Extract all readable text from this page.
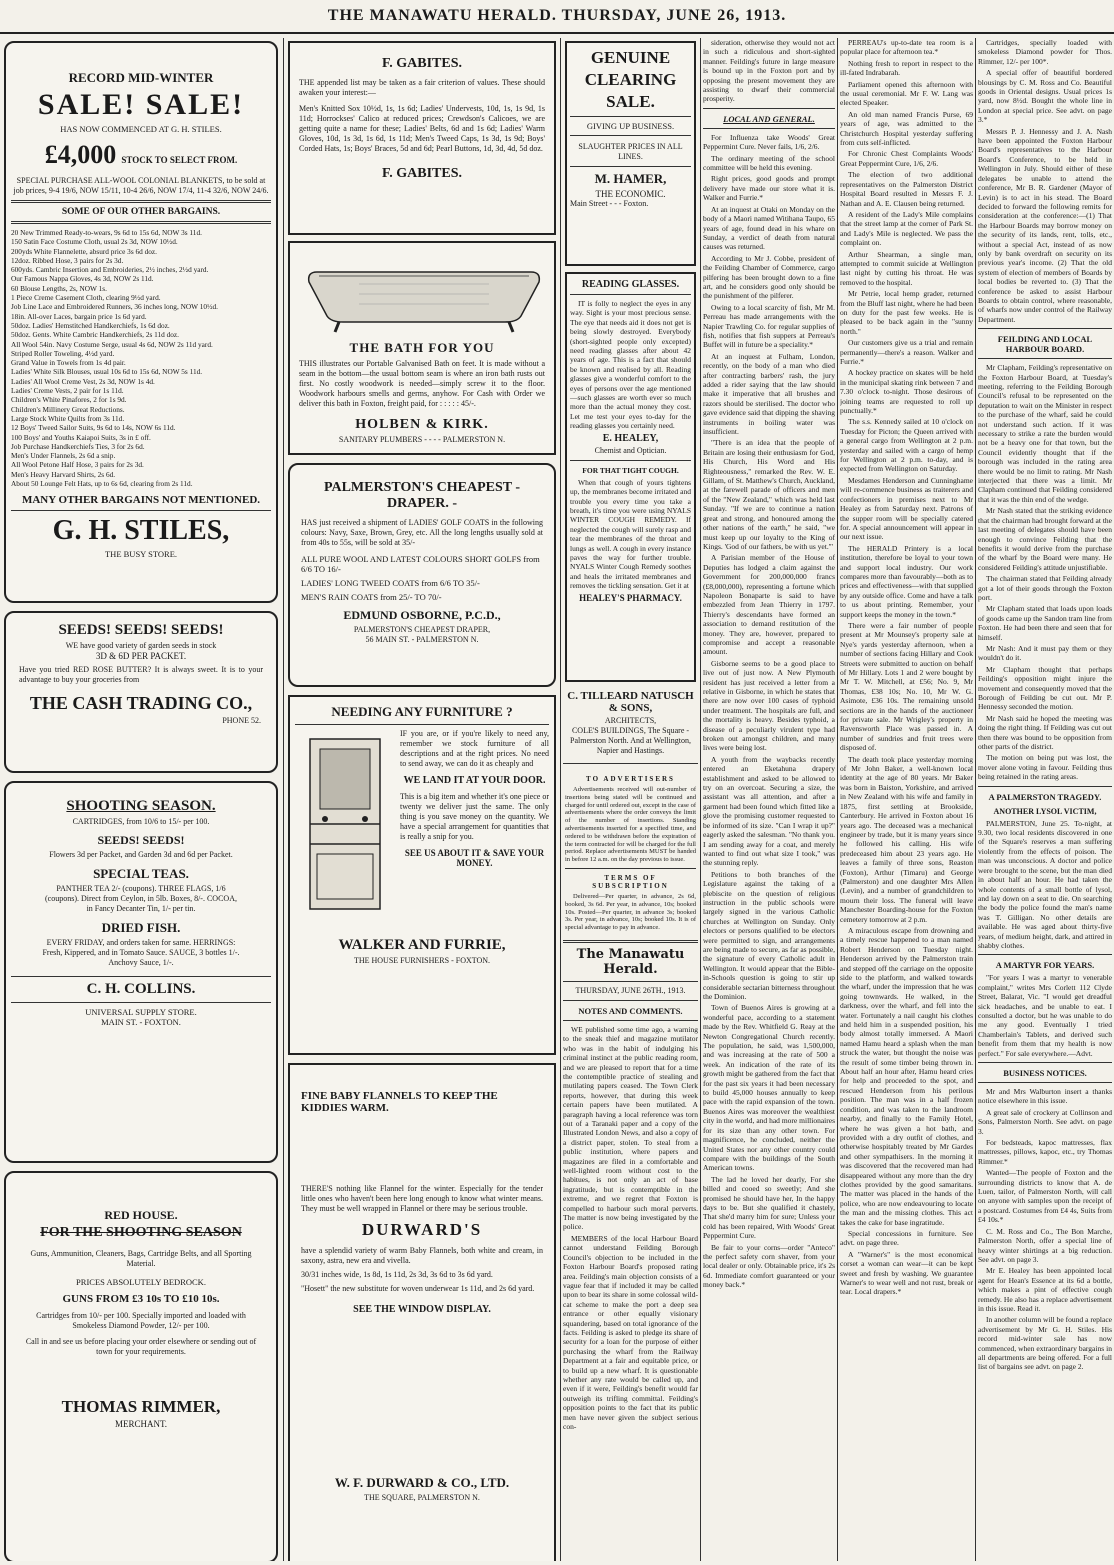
THE MANAWATU HERALD. THURSDAY, JUNE 26, 1913.
RECORD MID-WINTER
SALE! SALE!
HAS NOW COMMENCED AT G. H. STILES.
£4,000 STOCK TO SELECT FROM.
SPECIAL PURCHASE ALL-WOOL COLONIAL BLANKETS, to be sold at job prices, 9-4 19/6, NOW 15/11, 10-4 26/6, NOW 17/4, 11-4 32/6, NOW 24/6.
SOME OF OUR OTHER BARGAINS.
20 New Trimmed Ready-to-wears, 9s 6d to 15s 6d, NOW 3s 11d.
150 Satin Face Costume Cloth, usual 2s 3d, NOW 10½d.
200yds White Flannelette, absurd price 3s 6d doz.
12doz. Ribbed Hose, 3 pairs for 2s 3d.
600yds. Cambric Insertion and Embroideries, 2½ inches, 2½d yard.
Our Famous Nappa Gloves, 4s 3d, NOW 2s 11d.
60 Blouse Lengths, 2s, NOW 1s.
1 Piece Creme Casement Cloth, clearing 9½d yard.
Job Line Lace and Embroidered Runners, 36 inches long, NOW 10½d.
18in. All-over Laces, bargain price 1s 6d yard.
50doz. Ladies' Hemstitched Handkerchiefs, 1s 6d doz.
50doz. Gents. White Cambric Handkerchiefs, 2s 11d doz.
All Wool 54in. Navy Costume Serge, usual 4s 6d, NOW 2s 11d yard.
Striped Roller Toweling, 4½d yard.
Grand Value in Towels from 1s 4d pair.
Ladies' White Silk Blouses, usual 10s 6d to 15s 6d, NOW 5s 11d.
Ladies' All Wool Creme Vest, 2s 3d, NOW 1s 4d.
Ladies' Creme Vests, 2 pair for 1s 11d.
Children's White Pinafores, 2 for 1s 9d.
Children's Millinery Great Reductions.
Large Stock White Quilts from 3s 11d.
12 Boys' Tweed Sailor Suits, 9s 6d to 14s, NOW 6s 11d.
100 Boys' and Youths Kaiapoi Suits, 3s in £ off.
Job Purchase Handkerchiefs Ties, 3 for 2s 6d.
Men's Under Flannels, 2s 6d a snip.
All Wool Petone Half Hose, 3 pairs for 2s 3d.
Men's Heavy Harvard Shirts, 2s 6d.
About 50 Lounge Felt Hats, up to 6s 6d, clearing from 2s 11d.
MANY OTHER BARGAINS NOT MENTIONED.
G. H. STILES,
THE BUSY STORE.
SEEDS! SEEDS! SEEDS!
WE have good variety of garden seeds in stock
3D & 6D PER PACKET.
Have you tried RED ROSE BUTTER? It is always sweet. It is to your advantage to buy your groceries from
THE CASH TRADING CO.,
PHONE 52.
SHOOTING SEASON.
CARTRIDGES, from 10/6 to 15/- per 100.
SEEDS! SEEDS!
Flowers 3d per Packet, and Garden 3d and 6d per Packet.
SPECIAL TEAS.
PANTHER TEA 2/- (coupons). THREE FLAGS, 1/6 (coupons). Direct from Ceylon, in 5lb. Boxes, 8/-. COCOA, in Fancy Decanter Tin, 1/- per tin.
DRIED FISH.
EVERY FRIDAY, and orders taken for same. HERRINGS: Fresh, Kippered, and in Tomato Sauce. SAUCE, 3 bottles 1/-. Anchovy Sauce, 1/-.
C. H. COLLINS.
UNIVERSAL SUPPLY STORE.
MAIN ST. - FOXTON.
RED HOUSE.
FOR THE SHOOTING SEASON
Guns, Ammunition, Cleaners, Bags, Cartridge Belts, and all Sporting Material.
PRICES ABSOLUTELY BEDROCK.
GUNS FROM £3 10s TO £10 10s.
Cartridges from 10/- per 100. Specially imported and loaded with Smokeless Diamond Powder, 12/- per 100.
Call in and see us before placing your order elsewhere or sending out of town for your requirements.
THOMAS RIMMER,
MERCHANT.
F. GABITES.
THE appended list may be taken as a fair criterion of values. These should awaken your interest:—
Men's Knitted Sox 10½d, 1s, 1s 6d; Ladies' Undervests, 10d, 1s, 1s 9d, 1s 11d; Horrockses' Calico at reduced prices; Crewdson's Calicoes, we are getting quite a name for these; Ladies' Belts, 6d and 1s 6d; Ladies' Warm Gloves, 10d, 1s 3d, 1s 6d, 1s 11d; Men's Tweed Caps, 1s 3d, 1s 9d; Boys' Corded Hats, 1s; Boys' Braces, 5d and 6d; Pearl Buttons, 1d, 3d, 4d, 5d doz.
F. GABITES.
THE BATH FOR YOU
THIS illustrates our Portable Galvanised Bath on feet. It is made without a seam in the bottom—the usual bottom seam is where an iron bath rusts out first. No costly woodwork is needed—simply screw it to the floor. Woodwork harbours smells and germs, anyhow. For Cash with Order we deliver this bath in Foxton, freight paid, for : : : : : 45/-.
HOLBEN & KIRK.
SANITARY PLUMBERS - - - - PALMERSTON N.
PALMERSTON'S CHEAPEST - DRAPER. -
HAS just received a shipment of LADIES' GOLF COATS in the following colours: Navy, Saxe, Brown, Grey, etc. All the long lengths usually sold at from 40s to 55s, will be sold at 35/-
ALL PURE WOOL AND LATEST COLOURS SHORT GOLFS from 6/6 TO 16/-
LADIES' LONG TWEED COATS from 6/6 TO 35/-
MEN'S RAIN COATS from 25/- TO 70/-
EDMUND OSBORNE, P.C.D.,
PALMERSTON'S CHEAPEST DRAPER,
56 MAIN ST. - PALMERSTON N.
NEEDING ANY FURNITURE ?
IF you are, or if you're likely to need any, remember we stock furniture of all descriptions and at the right prices. No need to send away, we can do it as cheaply and
WE LAND IT AT YOUR DOOR.
This is a big item and whether it's one piece or twenty we deliver just the same. The only thing is you save money on the quantity. We have a special arrangement for quantities that is really a snip for you.
SEE US ABOUT IT & SAVE YOUR MONEY.
WALKER AND FURRIE,
THE HOUSE FURNISHERS - FOXTON.
FINE BABY FLANNELS TO KEEP THE KIDDIES WARM.
THERE'S nothing like Flannel for the winter. Especially for the tender little ones who haven't been here long enough to know what winter means. They must be well wrapped in Flannel or there may be serious trouble.
DURWARD'S
have a splendid variety of warm Baby Flannels, both white and cream, in saxony, astra, new era and vivella.
30/31 inches wide, 1s 8d, 1s 11d, 2s 3d, 3s 6d to 3s 6d yard.
"Hosett" the new substitute for woven underwear 1s 11d, and 2s 6d yard.
SEE THE WINDOW DISPLAY.
W. F. DURWARD & CO., LTD.
THE SQUARE, PALMERSTON N.
GENUINE
CLEARING
SALE.
GIVING UP BUSINESS.
SLAUGHTER PRICES IN ALL LINES.
M. HAMER,
THE ECONOMIC.
Main Street - - - Foxton.
READING GLASSES.
IT is folly to neglect the eyes in any way. Sight is your most precious sense. The eye that needs aid it does not get is being slowly destroyed. Everybody (short-sighted people only excepted) need reading glasses after about 42 years of age. This is a fact that should be known and realised by all. Reading glasses give a wonderful comfort to the eyes of persons over the age mentioned—such glasses are worth ever so much more than the actual money they cost. Let me test your eyes to-day for the reading glasses you certainly need.
E. HEALEY,
Chemist and Optician.
FOR THAT TIGHT COUGH.
When that cough of yours tightens up, the membranes become irritated and trouble you every time you take a breath, it's time you were using NYALS WINTER COUGH REMEDY. If neglected the cough will surely rasp and tear the membranes of the throat and lungs as well. A cough in every instance paves the way for further trouble. NYALS Winter Cough Remedy soothes and heals the irritated membranes and removes the tickling sensation. Get it at
HEALEY'S PHARMACY.
C. TILLEARD NATUSCH & SONS,
ARCHITECTS,
COLE'S BUILDINGS, The Square - Palmerston North. And at Wellington, Napier and Hastings.
TO ADVERTISERS
Advertisements received will out-number of insertions being stated will be continued and charged for until ordered out, except in the case of advertisements where the order conveys the limit of the number of insertions. Standing advertisements inserted for a specified time, and ordered to be withdrawn before the expiration of the term contracted for will be charged for the full period. Replace advertisements MUST be handed in before 12 a.m. on the day previous to issue.
TERMS OF SUBSCRIPTION
Delivered—Per quarter, in advance, 2s 6d, booked, 3s 6d. Per year, in advance, 10s; booked 10s. Posted—Per quarter, in advance 3s; booked 3s. Per year, in advance, 10s; booked 10s. It is of special advantage to pay in advance.
The Manawatu Herald.
THURSDAY, JUNE 26TH., 1913.
NOTES AND COMMENTS.
WE published some time ago, a warning to the sneak thief and magazine mutilator who was in the habit of indulging his criminal instinct at the public reading room, and we are pleased to report that for a time the contemptible practice of stealing and mutilating papers ceased. The Town Clerk reports, however, that during this week certain papers have been mutilated. A paragraph having a local reference was torn out of a Taranaki paper and a copy of the Illustrated London News, and also a copy of a district paper, stolen. To steal from a public institution, where papers and magazines are filed in a comfortable and well-lighted room without cost to the habitues, is not only an act of base ingratitude, but is contemptible in the extreme, and we regret that Foxton is compelled to harbour such moral perverts. The matter is now being investigated by the police.
MEMBERS of the local Harbour Board cannot understand Feilding Borough Council's objection to be included in the Foxton Harbour Board's proposed rating area. Feilding's main objection consists of a vague fear that if included it may be called upon to bear its share in some colossal wild-cat scheme to make the port a deep sea entrance or other equally visionary squandering, based on total ignorance of the facts. Feilding is asked to pledge its share of security for a loan for the purpose of either purchasing the wharf from the Railway Department at a fair and equitable price, or to build up a new wharf. It is questionable whether any rate would be called up, and even if it were, Feilding's benefit would far outweigh its trifling committal. Feilding's opposition points to the fact that its public men have never given the subject serious con-
sideration, otherwise they would not act in such a ridiculous and short-sighted manner. Feilding's future in large measure is bound up in the Foxton port and by opposing the present movement they are assisting to dwarf their commercial prosperity.
LOCAL AND GENERAL.
For Influenza take Woods' Great Peppermint Cure. Never fails, 1/6, 2/6.
The ordinary meeting of the school committee will be held this evening.
Right prices, good goods and prompt delivery have made our store what it is. Walker and Furrie.*
At an inquest at Otaki on Monday on the body of a Maori named Witihana Taupo, 65 years of age, found dead in his whare on Sunday, a verdict of death from natural causes was returned.
According to Mr J. Cobbe, president of the Feilding Chamber of Commerce, cargo pilfering has been brought down to a fine art, and he considers good only should be the punishment of the pilferer.
Owing to a local scarcity of fish, Mr M. Perreau has made arrangements with the Napier Trawling Co. for regular supplies of fish, notifies that fish suppers at Perreau's Buffet will in future be a speciality.*
At an inquest at Fulham, London, recently, on the body of a man who died after contracting barbers' rash, the jury added a rider saying that the law should make it imperative that all brushes and razors should be sterilised. The doctor who gave evidence said that dipping the shaving instruments in boiling water was insufficient.
"There is an idea that the people of Britain are losing their enthusiasm for God, His Church, His Word and His Righteousness," remarked the Rev. W. E. Gillam, of St. Matthew's Church, Auckland, at the farewell parade of officers and men of the "New Zealand," which was held last Sunday. "If we are to continue a nation great and strong, and honoured among the other nations of the earth," he said, "we must keep up our loyalty to the King of Kings. 'God of our fathers, be with us yet.'"
A Parisian member of the House of Deputies has lodged a claim against the Government for 200,000,000 francs (£8,000,000), representing a fortune which Napoleon Bonaparte is said to have embezzled from Jean Thierry in 1797. Thierry's descendants have formed an association to demand restitution of the money. They are, however, prepared to compromise and accept a reasonable amount.
Gisborne seems to be a good place to live out of just now. A New Plymouth resident has just received a letter from a relative in Gisborne, in which he states that there are now over 100 cases of typhoid under treatment. The hospitals are full, and the mortality is heavy. Besides typhoid, a disease of a peculiarly virulent type had broken out amongst children, and many lives were being lost.
A youth from the waybacks recently entered an Eketahuna drapery establishment and asked to be allowed to try on an overcoat. Securing a size, the assistant was all attention, and after a garment had been found which fitted like a glove the promising customer requested to be informed of its size. "Can I wrap it up?" eagerly asked the salesman. "No thank you. I am sending away for a coat, and merely wanted to find out what size I took," was the stunning reply.
Petitions to both branches of the Legislature against the taking of a plebiscite on the question of religious instruction in the public schools were largely signed in the various Catholic churches at Wellington on Sunday. Only electors or persons qualified to be electors were permitted to sign, and arrangements are being made to secure, as far as possible, the signature of every Catholic adult in Wellington. It would appear that the Bible-in-Schools question is going to stir up considerable sectarian bitterness throughout the Dominion.
Town of Buenos Aires is growing at a wonderful pace, according to a statement made by the Rev. Whitfield G. Reay at the Newton Congregational Church recently. The population, he said, was 1,500,000, and was increasing at the rate of 500 a week. An indication of the rate of its growth might be gathered from the fact that for the past six years it had been necessary to build 45,000 houses annually to keep pace with the rapid expansion of the town. Buenos Aires was moreover the wealthiest city in the world, and had more millionaires for its size than any other town. For magnificence, he concluded, neither the United States nor any other country could compare with the buildings of the South American towns.
The lad he loved her dearly, For she billed and cooed so sweetly; And she promised he should have her, In the happy days to be. But she qualified it chastely, That she'd marry him for sure; Unless your cold has been repaired, With Woods' Great Peppermint Cure.
Be fair to your corns—order "Anteco" the perfect safety corn shaver, from your local dealer or only. Obtainable price, it's 2s 6d. Immediate comfort guaranteed or your money back.*
PERREAU's up-to-date tea room is a popular place for afternoon tea.*
Nothing fresh to report in respect to the ill-fated Indrabarah.
Parliament opened this afternoon with the usual ceremonial. Mr F. W. Lang was elected Speaker.
An old man named Francis Purse, 69 years of age, was admitted to the Christchurch Hospital yesterday suffering from cuts self-inflicted.
For Chronic Chest Complaints Woods' Great Peppermint Cure, 1/6, 2/6.
The election of two additional representatives on the Palmerston District Hospital Board resulted in Messrs F. J. Nathan and A. E. Clausen being returned.
A resident of the Lady's Mile complains that the street lamp at the corner of Park St. and Lady's Mile is neglected. We pass the complaint on.
Arthur Shearman, a single man, attempted to commit suicide at Wellington last night by cutting his throat. He was removed to the hospital.
Mr Petrie, local hemp grader, returned from the Bluff last night, where he had been on duty for the past few weeks. He is pleased to be back again in the "sunny north."
Our customers give us a trial and remain permanently—there's a reason. Walker and Furrie.*
A hockey practice on skates will be held in the municipal skating rink between 7 and 7.30 o'clock to-night. Those desirous of joining teams are requested to roll up punctually.*
The s.s. Kennedy sailed at 10 o'clock on Tuesday for Picton; the Queen arrived with a general cargo from Wellington at 2 p.m. yesterday and sailed with a cargo of hemp for Wellington at 2 p.m. to-day, and is expected from Wellington on Saturday.
Mesdames Henderson and Cunninghame will re-commence business as traiterers and confectioners in premises next to Mr Healey as from Saturday next. Patrons of the supper room will be specially catered for. A special announcement will appear in our next issue.
The HERALD Printery is a local institution, therefore be loyal to your town and support local industry. Our work compares more than favourably—both as to prices and effectiveness—with that supplied by any outside office. Come and have a talk to us about printing. Remember, your support keeps the money in the town.*
There were a fair number of people present at Mr Mounsey's property sale at Nye's yards yesterday afternoon, when a number of sections facing Hillary and Cook Streets were submitted to auction on behalf of Mr Hillary. Lots 1 and 2 were bought by Mr T. W. Mitchell, at £56; No. 9, Mr Thomas, £38 10s; No. 10, Mr W. G. Asimote, £36 10s. The remaining unsold sections are in the hands of the auctioneer for private sale. Mr Wrigley's property in Ravensworth Place was passed in. A number of sundries and fruit trees were disposed of.
The death took place yesterday morning of Mr John Baker, a well-known local identity at the age of 80 years. Mr Baker was born in Baiston, Yorkshire, and arrived in New Zealand with his wife and family in 1875, first settling at Brookside, Canterbury. He arrived in Foxton about 16 years ago. The deceased was a mechanical engineer by trade, but it is many years since he followed his calling. His wife predeceased him about 23 years ago. He leaves a family of three sons, Reaston (Foxton), Arthur (Timaru) and George (Palmerston) and one daughter Mrs Allen (Levin), and a number of grandchildren to mourn their loss. The funeral will leave Manchester Boarding-house for the Foxton cemetery tomorrow at 2 p.m.
A miraculous escape from drowning and a timely rescue happened to a man named Robert Henderson on Tuesday night. Henderson arrived by the Palmerston train and stepped off the carriage on the opposite side to the platform, and walked towards the wharf, under the impression that he was going townwards. He walked, in the darkness, over the wharf, and fell into the water. Fortunately a nail caught his clothes and held him in a suspended position, his body almost totally immersed. A Maori named Hamu heard a splash when the man struck the water, but thought the noise was the result of some timber being thrown in. About half an hour after, Hamu heard cries for help and proceeded to the spot, and rescued Henderson from his perilous position. The man was in a half frozen condition, and was taken to the landroom nearby, and finally to the Family Hotel, where he was given a hot bath, and provided with a dry outfit of clothes, and otherwise hospitably treated by Mr Gardes and other sympathisers. In the morning it was discovered that the recovered man had disappeared without any more than the dry clothes provided by the good samaritans. The matter was placed in the hands of the police, who are now endeavouring to locate the man and the missing clothes. This act takes the cake for base ingratitude.
Special concessions in furniture. See advt. on page three.
A "Warner's" is the most economical corset a woman can wear—it can be kept sweet and fresh by washing. We guarantee Warner's to wear well and not rust, break or tear. Local drapers.*
Cartridges, specially loaded with smokeless Diamond powder for Thos. Rimmer, 12/- per 100*.
A special offer of beautiful bordered blousings by C. M. Ross and Co. Beautiful goods in Oriental designs. Usual prices 1s yard, now 8½d. Bought the whole line in London at special price. See advt. on page 3.*
Messrs P. J. Hennessy and J. A. Nash have been appointed the Foxton Harbour Board's representatives to the Harbour Board's Conference, to be held in Wellington in July. Should either of these delegates be unable to attend the conference, Mr B. R. Gardener (Mayor of Levin) is to act in his stead. The Board decided to forward the following remits for consideration at the conference:—(1) That the Harbour Boards may borrow money on the security of its lands, rent, tolls, etc., without a special Act, instead of as now only by bank overdraft on security on its previous year's income. (2) That the old system of election of members of Boards by local bodies be reverted to. (3) That the conference be asked to assist Harbour Boards to obtain control, where reasonable, of wharfs now under control of the Railway Department.
FEILDING AND LOCAL HARBOUR BOARD.
Mr Clapham, Feilding's representative on the Foxton Harbour Board, at Tuesday's meeting, referring to the Feilding Borough Council's refusal to be represented on the deputation to wait on the Minister in respect to the purchase of the wharf, said he could not understand such action. If it was necessary to strike a rate the burden would not be a heavy one for that town, but the Council evidently thought that if the borough was included in the rating area there would be no limit to rating. Mr Nash interjected that there was a limit. Mr Clapham continued that Feilding considered that it was the thin end of the wedge.
Mr Nash stated that the striking evidence that the chairman had brought forward at the last meeting of delegates should have been enough to convince Feilding that the benefits it would derive from the purchase of the wharf by the Board were many. He considered Feilding's attitude unjustifiable.
The chairman stated that Feilding already got a lot of their goods through the Foxton port.
Mr Clapham stated that loads upon loads of goods came up the Sandon tram line from Foxton. He had been there and seen that for himself.
Mr Nash: And it must pay them or they wouldn't do it.
Mr Clapham thought that perhaps Feilding's opposition might injure the movement and consequently moved that the Borough of Feilding be cut out. Mr P. Hennessy seconded the motion.
Mr Nash said he hoped the meeting was doing the right thing. If Feilding was cut out then there was bound to be opposition from other parts of the district.
The motion on being put was lost, the mover alone voting in favour. Feilding thus being retained in the rating areas.
A PALMERSTON TRAGEDY.
ANOTHER LYSOL VICTIM,
PALMERSTON, June 25. To-night, at 9.30, two local residents discovered in one of the Square's reserves a man suffering violently from the effects of poison. The man was unconscious. A doctor and police were brought to the scene, but the man died in about half an hour. He had taken the whole contents of a small bottle of lysol, and lay down on a seat to die. On searching the body the police found the man's name was T. Gilligan. No other details are available. He was aged about thirty-five years, of medium height, dark, and attired in shabby clothes.
A MARTYR FOR YEARS.
"For years I was a martyr to venerable complaint," writes Mrs Corlett 112 Clyde Street, Balarat, Vic. "I would get dreadful sick headaches, and be unable to eat. I consulted a doctor, but he was unable to do me any good. Eventually I tried Chamberlain's Tablets, and derived such benefit from them that my health is now perfect." For sale everywhere.—Advt.
BUSINESS NOTICES.
Mr and Mrs Walburton insert a thanks notice elsewhere in this issue.
A great sale of crockery at Collinson and Sons, Palmerston North. See advt. on page 3.
For bedsteads, kapoc mattresses, flax mattresses, pillows, kapoc, etc., try Thomas Rimmer.*
Wanted—The people of Foxton and the surrounding districts to know that A. de Luen, tailor, of Palmerston North, will call on anyone with samples upon the receipt of a postcard. Costumes from £4 4s, Suits from £4 10s.*
C. M. Ross and Co., The Bon Marche, Palmerston North, offer a special line of heavy winter shirtings at a big reduction. See advt. on page 3.
Mr E. Healey has been appointed local agent for Hean's Essence at its 6d a bottle, which makes a pint of effective cough remedy. He also has a replace advertisement in this issue. Read it.
In another column will be found a replace advertisement by Mr G. H. Stiles. His record mid-winter sale has now commenced, when extraordinary bargains in all departments are being offered. For a full list of bargains see advt. on page 2.
